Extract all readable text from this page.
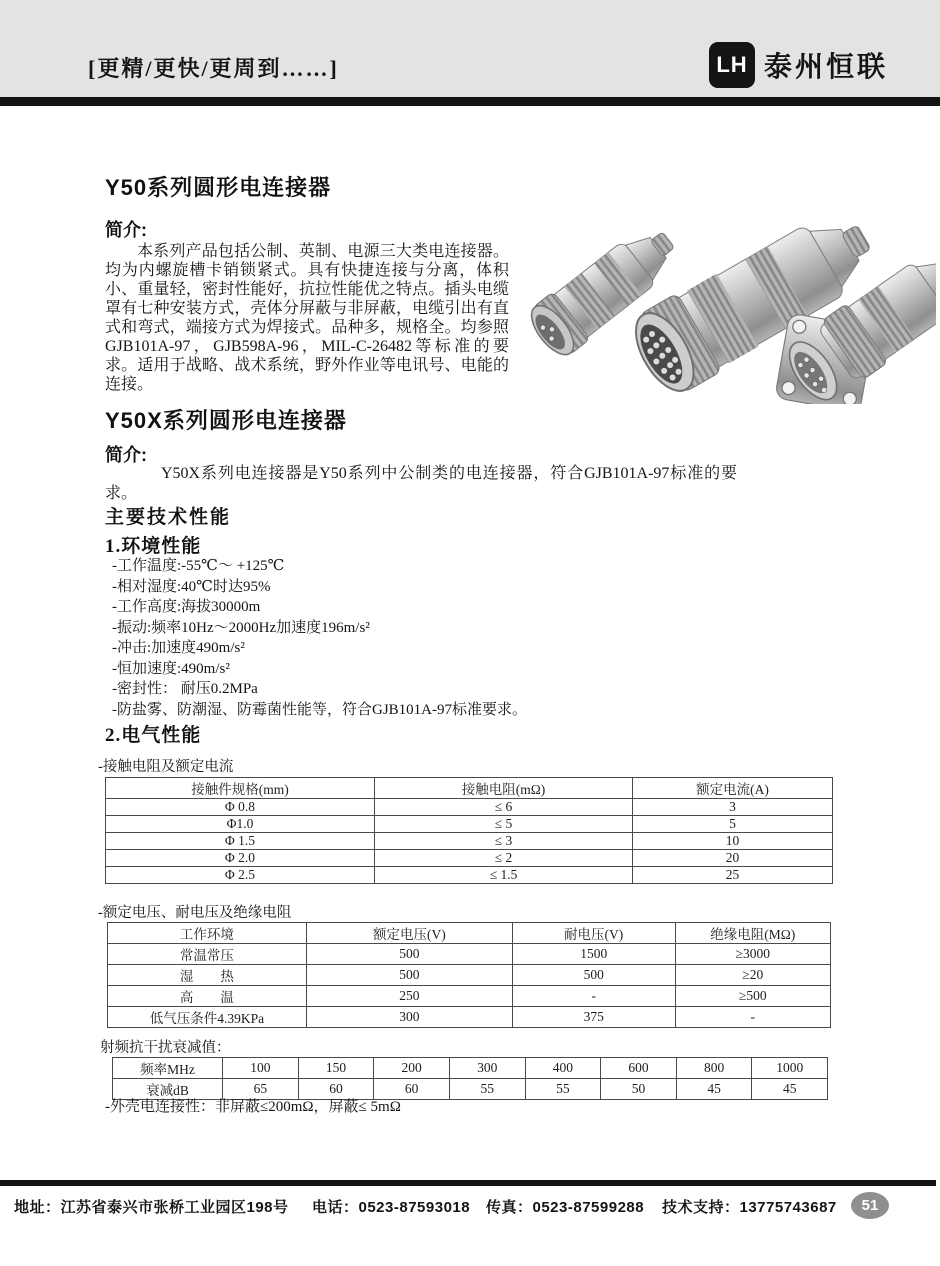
[更精/更快/更周到……]	LH 泰州恒联
Y50系列圆形电连接器
简介:
本系列产品包括公制、英制、电源三大类电连接器。均为内螺旋槽卡销锁紧式。具有快捷连接与分离，体积小、重量轻，密封性能好，抗拉性能优之特点。插头电缆罩有七种安装方式，壳体分屏蔽与非屏蔽，电缆引出有直式和弯式，端接方式为焊接式。品种多，规格全。均参照GJB101A-97，GJB598A-96，MIL-C-26482等标准的要求。适用于战略、战术系统，野外作业等电讯号、电能的连接。
Y50X系列圆形电连接器
简介:
Y50X系列电连接器是Y50系列中公制类的电连接器，符合GJB101A-97标准的要求。
主要技术性能
1.环境性能
-工作温度:-55℃～ +125℃
-相对湿度:40℃时达95%
-工作高度:海拔30000m
-振动:频率10Hz～2000Hz加速度196m/s²
-冲击:加速度490m/s²
-恒加速度:490m/s²
-密封性： 耐压0.2MPa
-防盐雾、防潮湿、防霉菌性能等，符合GJB101A-97标准要求。
2.电气性能
-接触电阻及额定电流
接触件规格(mm)	接触电阻(mΩ)	额定电流(A)
Φ 0.8	≤ 6	3
Φ1.0	≤ 5	5
Φ 1.5	≤ 3	10
Φ 2.0	≤ 2	20
Φ 2.5	≤ 1.5	25
-额定电压、耐电压及绝缘电阻
工作环境	额定电压(V)	耐电压(V)	绝缘电阻(MΩ)
常温常压	500	1500	≥3000
湿　　热	500	500	≥20
高　　温	250	-	≥500
低气压条件4.39KPa	300	375	-
射频抗干扰衰减值：
频率MHz	100	150	200	300	400	600	800	1000
衰减dB	65	60	60	55	55	50	45	45
-外壳电连接性：非屏蔽≤200mΩ，屏蔽≤ 5mΩ
地址：江苏省泰兴市张桥工业园区198号 电话：0523-87593018 传真：0523-87599288 技术支持：13775743687	51
